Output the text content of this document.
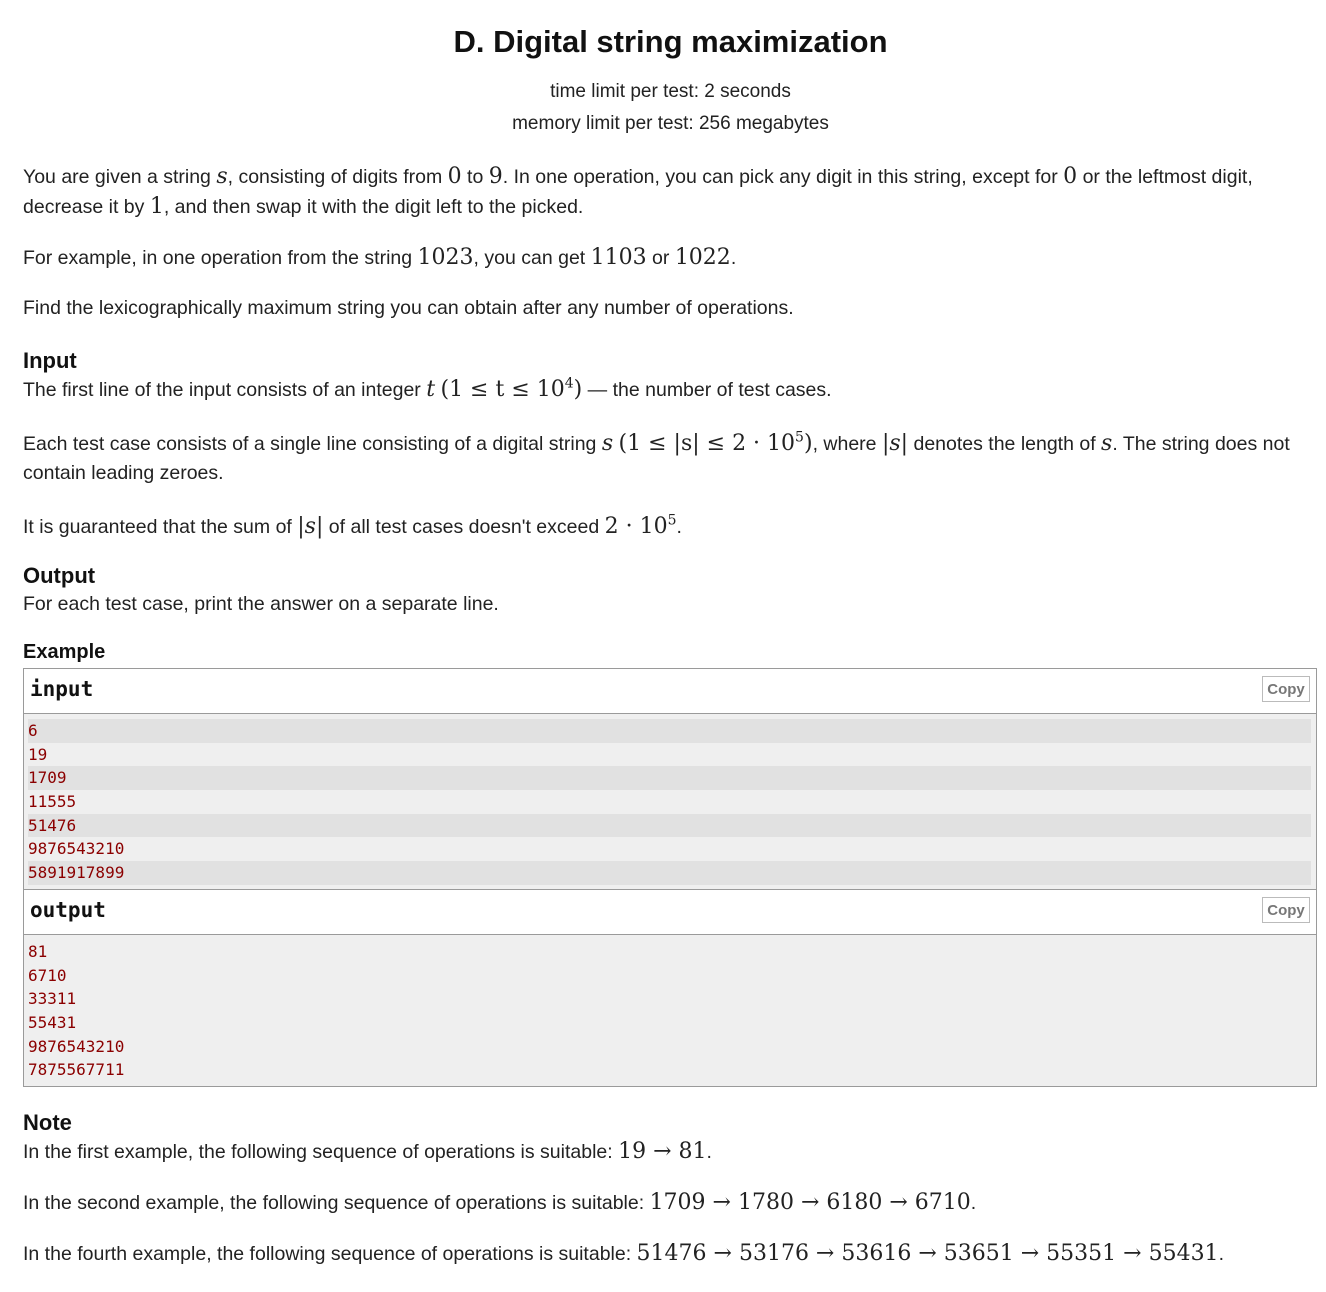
D. Digital string maximization
time limit per test: 2 seconds
memory limit per test: 256 megabytes

You are given a string s, consisting of digits from 0 to 9. In one operation, you can pick any digit in this string, except for 0 or the leftmost digit, decrease it by 1, and then swap it with the digit left to the picked.

For example, in one operation from the string 1023, you can get 1103 or 1022.

Find the lexicographically maximum string you can obtain after any number of operations.

Input

The first line of the input consists of an integer t $(1 \le t \le 10^4)$ — the number of test cases.

Each test case consists of a single line consisting of a digital string s $(1 \le |s| \le 2 \cdot 10^5)$, where |s| denotes the length of s. The string does not contain leading zeroes.

It is guaranteed that the sum of |s| of all test cases doesn't exceed $2 \cdot 10^5$.

Output

For each test case, print the answer on a separate line.

Example
input	Copy
6
19
1709
11555
51476
9876543210
5891917899
output	Copy
81
6710
33311
55431
9876543210
7875567711
Note

In the first example, the following sequence of operations is suitable: 19 → 81.

In the second example, the following sequence of operations is suitable: 1709 → 1780 → 6180 → 6710.

In the fourth example, the following sequence of operations is suitable: 51476 → 53176 → 53616 → 53651 → 55351 → 55431.
